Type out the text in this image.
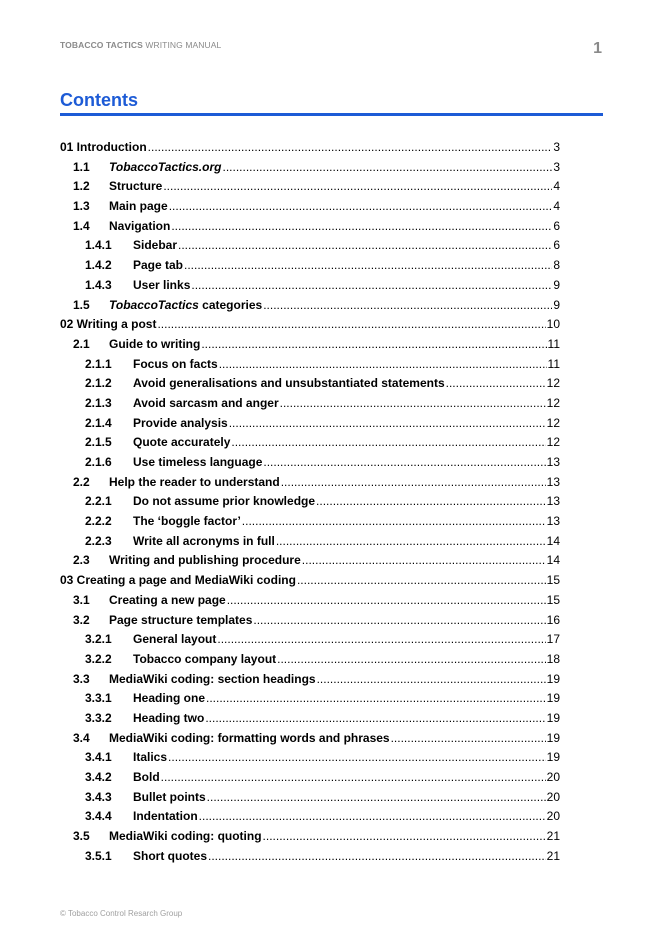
TOBACCO TACTICS WRITING MANUAL	1
Contents
01 Introduction .....	3
1.1	TobaccoTactics.org .....	3
1.2	Structure .....	4
1.3	Main page .....	4
1.4	Navigation .....	6
1.4.1	Sidebar .....	6
1.4.2	Page tab .....	8
1.4.3	User links .....	9
1.5	TobaccoTactics categories .....	9
02 Writing a post .....	10
2.1	Guide to writing .....	11
2.1.1	Focus on facts .....	11
2.1.2	Avoid generalisations and unsubstantiated statements .....	12
2.1.3	Avoid sarcasm and anger .....	12
2.1.4	Provide analysis .....	12
2.1.5	Quote accurately .....	12
2.1.6	Use timeless language .....	13
2.2	Help the reader to understand .....	13
2.2.1	Do not assume prior knowledge .....	13
2.2.2	The ‘boggle factor’ .....	13
2.2.3	Write all acronyms in full .....	14
2.3	Writing and publishing procedure .....	14
03 Creating a page and MediaWiki coding .....	15
3.1	Creating a new page .....	15
3.2	Page structure templates .....	16
3.2.1	General layout .....	17
3.2.2	Tobacco company layout .....	18
3.3	MediaWiki coding: section headings .....	19
3.3.1	Heading one .....	19
3.3.2	Heading two .....	19
3.4	MediaWiki coding: formatting words and phrases .....	19
3.4.1	Italics .....	19
3.4.2	Bold .....	20
3.4.3	Bullet points .....	20
3.4.4	Indentation .....	20
3.5	MediaWiki coding: quoting .....	21
3.5.1	Short quotes .....	21
© Tobacco Control Resarch Group
